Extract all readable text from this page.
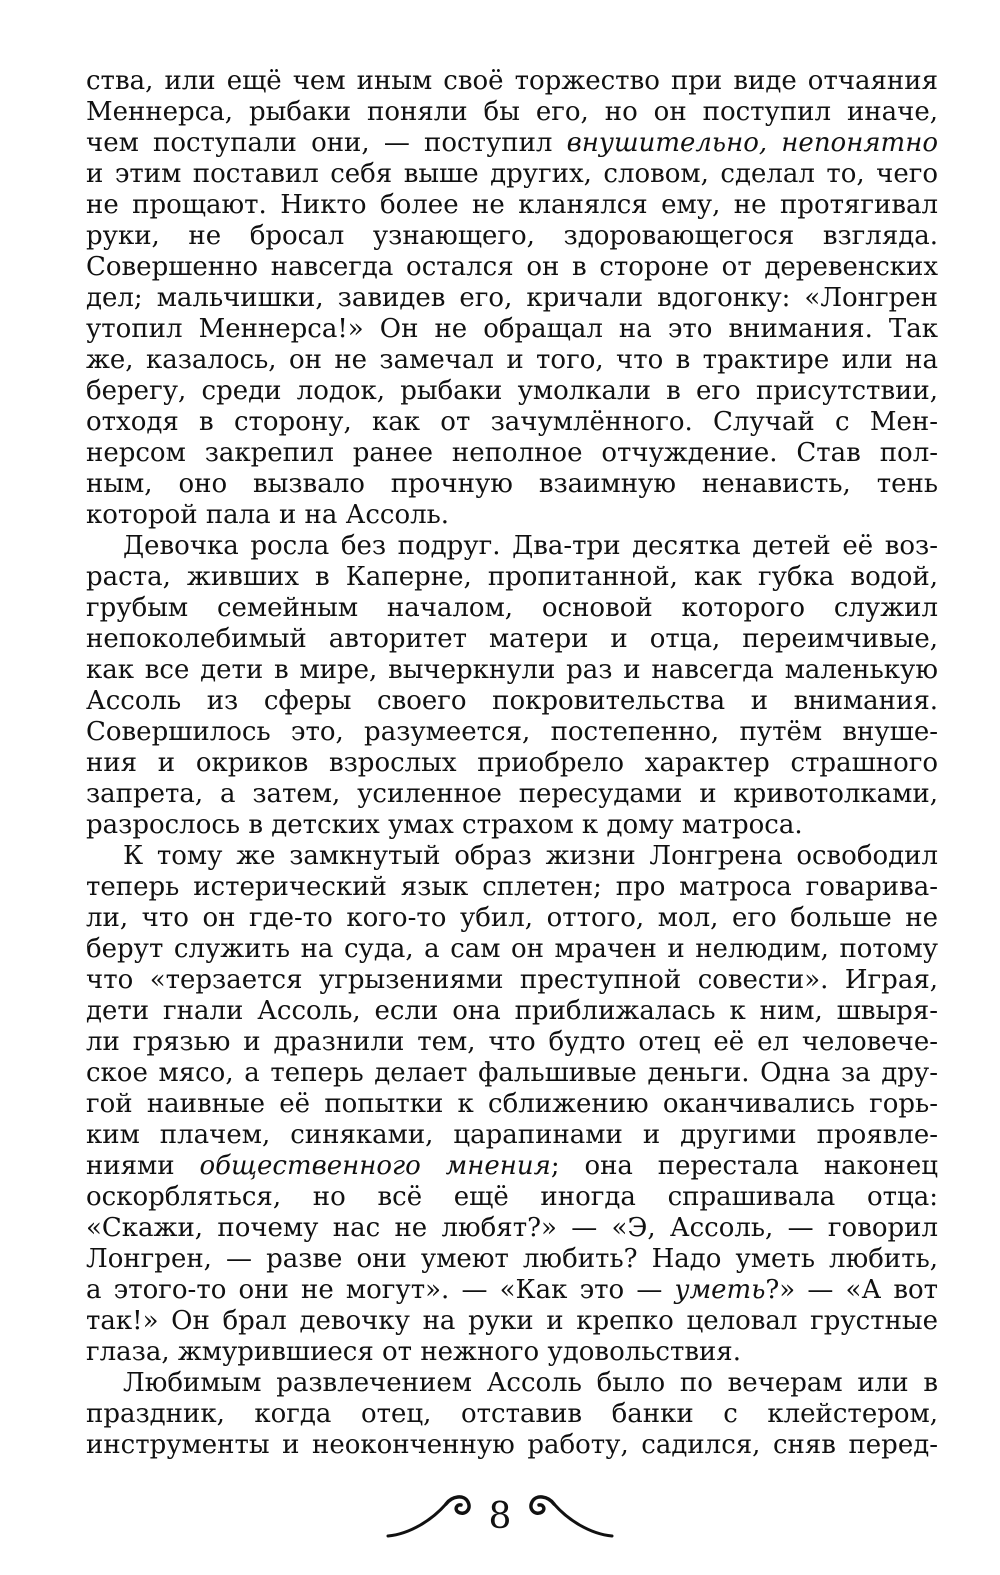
ства, или ещё чем иным своё торжество при виде отчаяния
Меннерса, рыбаки поняли бы его, но он поступил иначе,
чем поступали они, — поступил внушительно, непонятно
и этим поставил себя выше других, словом, сделал то, чего
не прощают. Никто более не кланялся ему, не протягивал
руки, не бросал узнающего, здоровающегося взгляда.
Совершенно навсегда остался он в стороне от деревенских
дел; мальчишки, завидев его, кричали вдогонку: «Лонгрен
утопил Меннерса!» Он не обращал на это внимания. Так
же, казалось, он не замечал и того, что в трактире или на
берегу, среди лодок, рыбаки умолкали в его присутствии,
отходя в сторону, как от зачумлённого. Случай с Мен-
нерсом закрепил ранее неполное отчуждение. Став пол-
ным, оно вызвало прочную взаимную ненависть, тень
которой пала и на Ассоль.
Девочка росла без подруг. Два-три десятка детей её воз-
раста, живших в Каперне, пропитанной, как губка водой,
грубым семейным началом, основой которого служил
непоколебимый авторитет матери и отца, переимчивые,
как все дети в мире, вычеркнули раз и навсегда маленькую
Ассоль из сферы своего покровительства и внимания.
Совершилось это, разумеется, постепенно, путём внуше-
ния и окриков взрослых приобрело характер страшного
запрета, а затем, усиленное пересудами и кривотолками,
разрослось в детских умах страхом к дому матроса.
К тому же замкнутый образ жизни Лонгрена освободил
теперь истерический язык сплетен; про матроса говарива-
ли, что он где-то кого-то убил, оттого, мол, его больше не
берут служить на суда, а сам он мрачен и нелюдим, потому
что «терзается угрызениями преступной совести». Играя,
дети гнали Ассоль, если она приближалась к ним, швыря-
ли грязью и дразнили тем, что будто отец её ел человече-
ское мясо, а теперь делает фальшивые деньги. Одна за дру-
гой наивные её попытки к сближению оканчивались горь-
ким плачем, синяками, царапинами и другими проявле-
ниями общественного мнения; она перестала наконец
оскорбляться, но всё ещё иногда спрашивала отца:
«Скажи, почему нас не любят?» — «Э, Ассоль, — говорил
Лонгрен, — разве они умеют любить? Надо уметь любить,
а этого-то они не могут». — «Как это — уметь?» — «А вот
так!» Он брал девочку на руки и крепко целовал грустные
глаза, жмурившиеся от нежного удовольствия.
Любимым развлечением Ассоль было по вечерам или в
праздник, когда отец, отставив банки с клейстером,
инструменты и неоконченную работу, садился, сняв перед-
8
